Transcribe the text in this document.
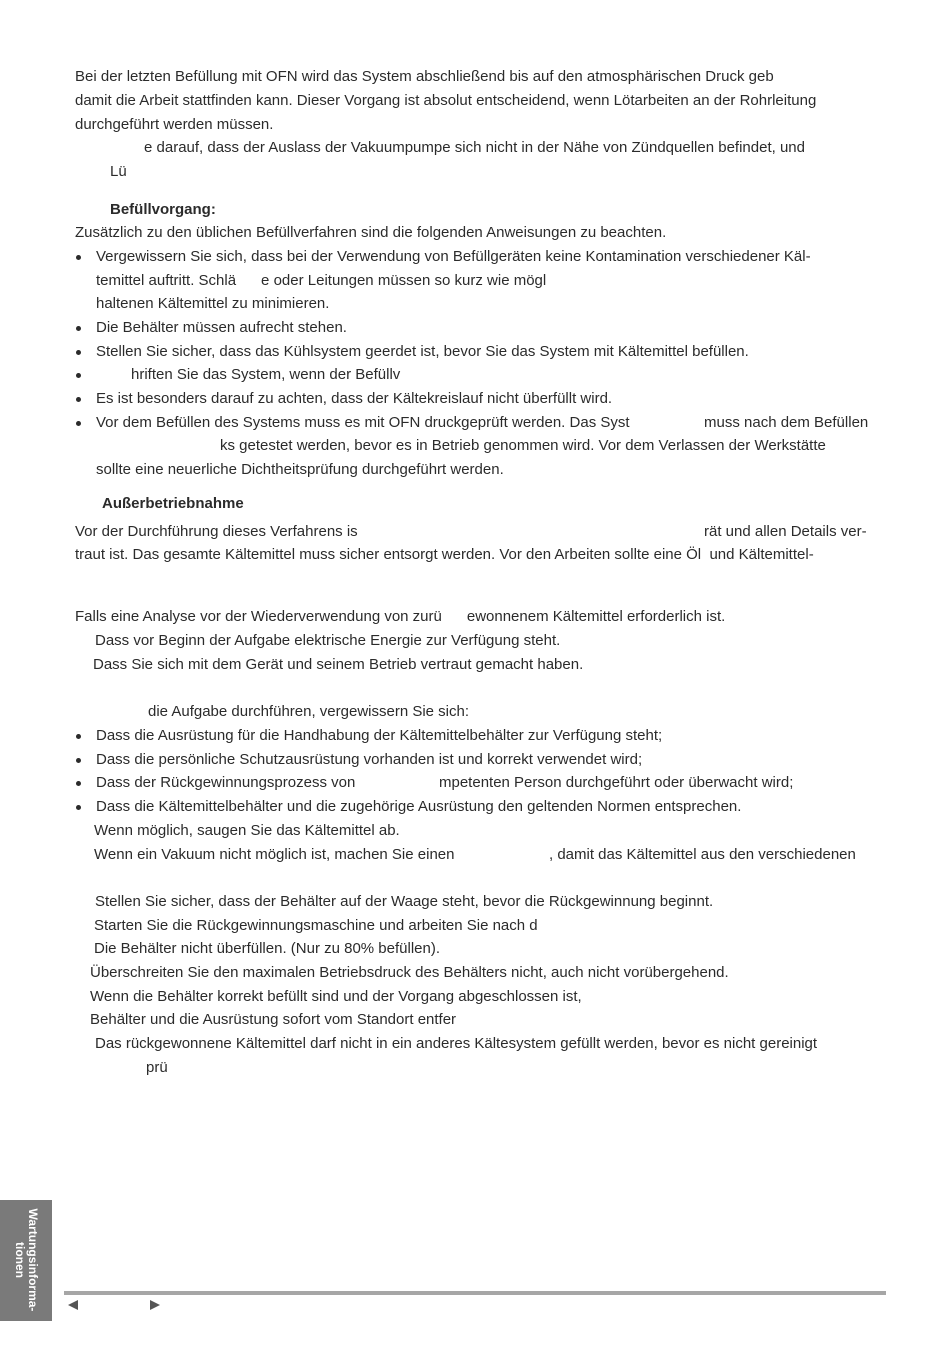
Bei der letzten Befüllung mit OFN wird das System abschließend bis auf den atmosphärischen Druck geb
damit die Arbeit stattfinden kann. Dieser Vorgang ist absolut entscheidend, wenn Lötarbeiten an der Rohrleitung
durchgeführt werden müssen.
e darauf, dass der Auslass der Vakuumpumpe sich nicht in der Nähe von Zündquellen befindet, und
Lü
Befüllvorgang:
Zusätzlich zu den üblichen Befüllverfahren sind die folgenden Anweisungen zu beachten.
Vergewissern Sie sich, dass bei der Verwendung von Befüllgeräten keine Kontamination verschiedener Käl-
temittel auftritt. Schlä      e oder Leitungen müssen so kurz wie mögl
haltenen Kältemittel zu minimieren.
Die Behälter müssen aufrecht stehen.
Stellen Sie sicher, dass das Kühlsystem geerdet ist, bevor Sie das System mit Kältemittel befüllen.
hriften Sie das System, wenn der Befüllv
Es ist besonders darauf zu achten, dass der Kältekreislauf nicht überfüllt wird.
Vor dem Befüllen des Systems muss es mit OFN druckgeprüft werden. Das Syst	muss nach dem Befüllen
ks getestet werden, bevor es in Betrieb genommen wird. Vor dem Verlassen der Werkstätte
sollte eine neuerliche Dichtheitsprüfung durchgeführt werden.
Außerbetriebnahme
Vor der Durchführung dieses Verfahrens is	rät und allen Details ver-
traut ist. Das gesamte Kältemittel muss sicher entsorgt werden. Vor den Arbeiten sollte eine Öl  und Kältemittel-
Falls eine Analyse vor der Wiederverwendung von zurü      ewonnenem Kältemittel erforderlich ist.
Dass vor Beginn der Aufgabe elektrische Energie zur Verfügung steht.
Dass Sie sich mit dem Gerät und seinem Betrieb vertraut gemacht haben.
die Aufgabe durchführen, vergewissern Sie sich:
Dass die Ausrüstung für die Handhabung der Kältemittelbehälter zur Verfügung steht;
Dass die persönliche Schutzausrüstung vorhanden ist und korrekt verwendet wird;
Dass der Rückgewinnungsprozess von	mpetenten Person durchgeführt oder überwacht wird;
Dass die Kältemittelbehälter und die zugehörige Ausrüstung den geltenden Normen entsprechen.
Wenn möglich, saugen Sie das Kältemittel ab.
Wenn ein Vakuum nicht möglich ist, machen Sie einen	, damit das Kältemittel aus den verschiedenen
Stellen Sie sicher, dass der Behälter auf der Waage steht, bevor die Rückgewinnung beginnt.
Starten Sie die Rückgewinnungsmaschine und arbeiten Sie nach d
Die Behälter nicht überfüllen. (Nur zu 80% befüllen).
Überschreiten Sie den maximalen Betriebsdruck des Behälters nicht, auch nicht vorübergehend.
Wenn die Behälter korrekt befüllt sind und der Vorgang abgeschlossen ist,
Behälter und die Ausrüstung sofort vom Standort entfer
Das rückgewonnene Kältemittel darf nicht in ein anderes Kältesystem gefüllt werden, bevor es nicht gereinigt
prü
Wartungsinforma-
tionen
